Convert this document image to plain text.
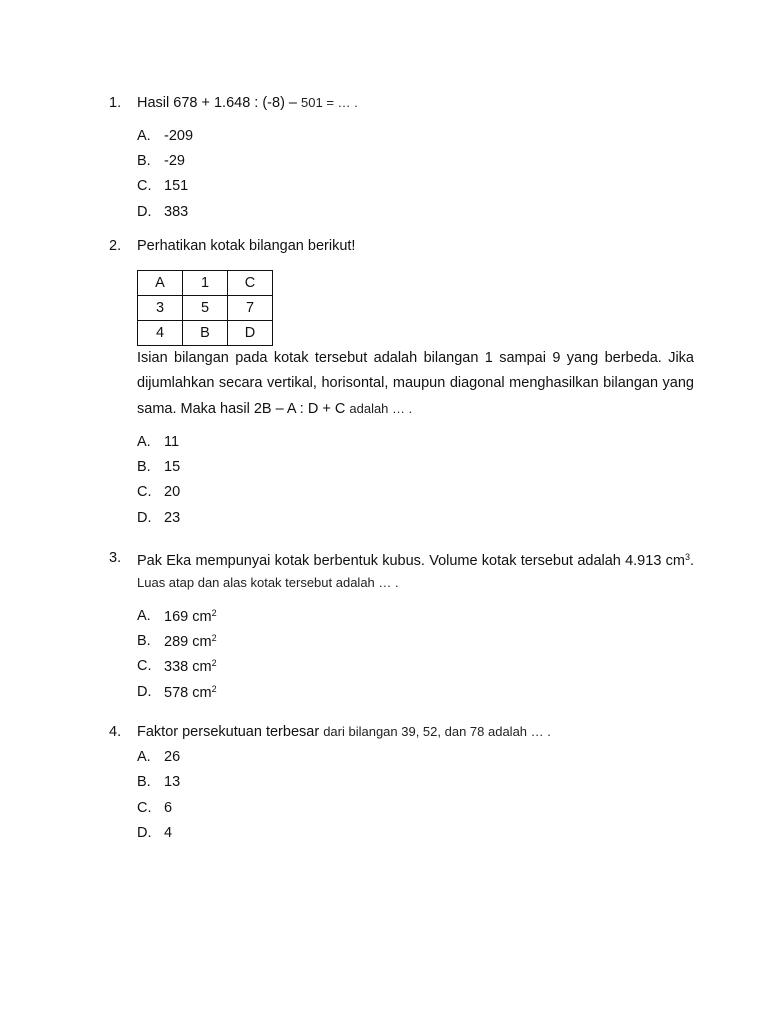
1. Hasil 678 + 1.648 : (-8) – 501 = … .
A. -209
B. -29
C. 151
D. 383
2. Perhatikan kotak bilangan berikut!
A	1	C
3	5	7
4	B	D
Isian bilangan pada kotak tersebut adalah bilangan 1 sampai 9 yang berbeda. Jika
dijumlahkan secara vertikal, horisontal, maupun diagonal menghasilkan bilangan yang
sama. Maka hasil 2B – A : D + C adalah … .
A. 11
B. 15
C. 20
D. 23
3. Pak Eka mempunyai kotak berbentuk kubus. Volume kotak tersebut adalah 4.913 $cm^3$.
Luas atap dan alas kotak tersebut adalah … .
A. 169 $cm^2$
B. 289 $cm^2$
C. 338 $cm^2$
D. 578 $cm^2$
4. Faktor persekutuan terbesar dari bilangan 39, 52, dan 78 adalah … .
A. 26
B. 13
C. 6
D. 4
